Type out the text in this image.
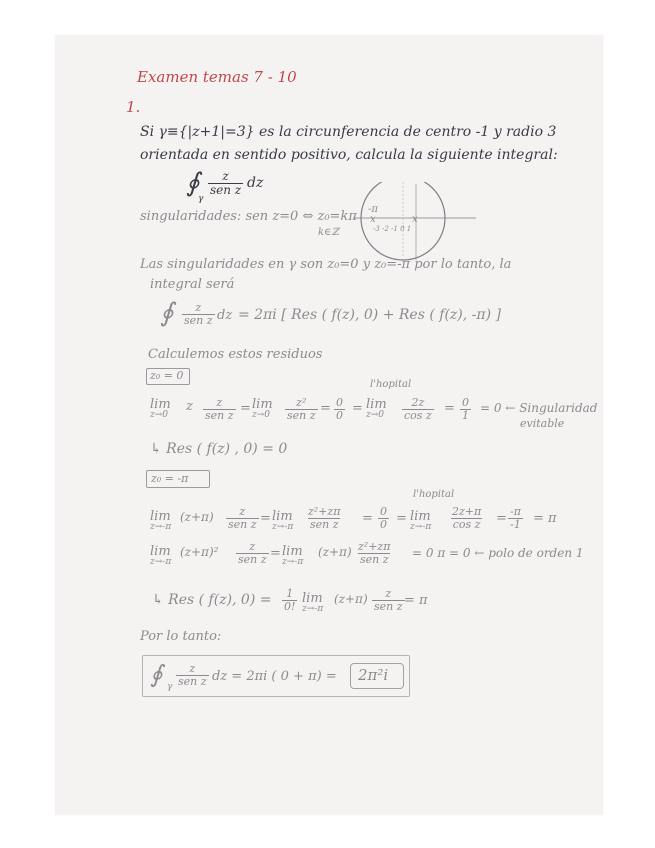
Examen temas 7 - 10
1.
Si γ≡{|z+1|=3} es la circunferencia de centro -1 y radio 3
orientada en sentido positivo, calcula la siguiente integral:
∮
γ
z
sen z dz
-π
x	x
-3 -2 -1 0 1
singularidades: sen z=0 ⇔ z₀=kπ
k∈ℤ
Las singularidades en γ son z₀=0 y z₀=-π por lo tanto, la
integral será
∮ z
sen z dz = 2πi [ Res ( f(z), 0) + Res ( f(z), -π) ]
Calculemos estos residuos
z₀ = 0
l'hopital
lim
z→0
z z
sen z = lim
z→0
z²
sen $z = \frac{0}{0} = \lim$
$z\to 0 \frac{2z}{\text{cos z}} = \frac{0}{1} = 0$ ← Singularidad
evitable
↳ Res ( f(z) , 0) = 0
z₀ = -π
l'hopital
lim
z→-π
(z+π) z
sen z = lim
z→-π
z²+zπ
sen $z = \frac{0}{0} = \lim$
$z\to-\pi \frac{2z+\pi}{\text{cos z}} = \frac{-\pi}{-1} = \pi$
lim
z→-π
(z+π)²	z
sen z = lim
z→-π
(z+π) z²+zπ
sen z = 0 π = 0 ← polo de orden 1
↳ Res ( f(z), $0) = \frac{1}{0!}$ lim
z→-π
(z+π) z
sen z = π
Por lo tanto:
∮ γ
z
sen z dz = 2πi ( 0 + π) = 2π²i
